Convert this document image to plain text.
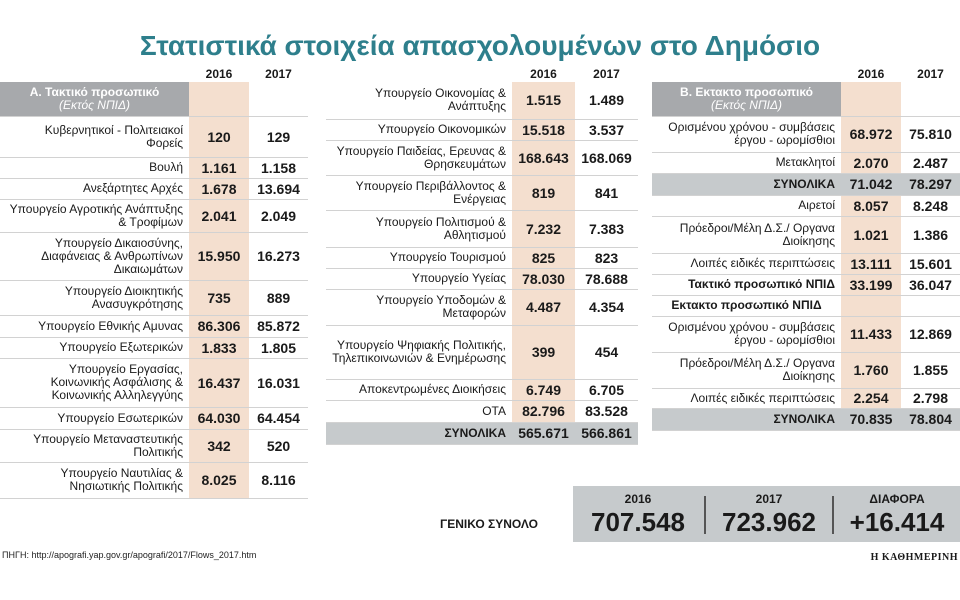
Στατιστικά στοιχεία απασχολουμένων στο Δημόσιο
	2016	2017

Α. Τακτικό προσωπικό
(Εκτός ΝΠΙΔ)		

Κυβερνητικοί - Πολιτειακοί Φορείς	120	129
Βουλή	1.161	1.158
Ανεξάρτητες Αρχές	1.678	13.694
Υπουργείο Αγροτικής Ανάπτυξης & Τροφίμων	2.041	2.049
Υπουργείο Δικαιοσύνης, Διαφάνειας & Ανθρωπίνων Δικαιωμάτων	15.950	16.273
Υπουργείο Διοικητικής Ανασυγκρότησης	735	889
Υπουργείο Εθνικής Αμυνας	86.306	85.872
Υπουργείο Εξωτερικών	1.833	1.805
Υπουργείο Εργασίας, Κοινωνικής Ασφάλισης & Κοινωνικής Αλληλεγγύης	16.437	16.031
Υπουργείο Εσωτερικών	64.030	64.454
Υπουργείο Μεταναστευτικής Πολιτικής	342	520
Υπουργείο Ναυτιλίας & Νησιωτικής Πολιτικής	8.025	8.116
	2016	2017
Υπουργείο Οικονομίας & Ανάπτυξης	1.515	1.489
Υπουργείο Οικονομικών	15.518	3.537
Υπουργείο Παιδείας, Ερευνας & Θρησκευμάτων	168.643	168.069
Υπουργείο Περιβάλλοντος & Ενέργειας	819	841
Υπουργείο Πολιτισμού & Αθλητισμού	7.232	7.383
Υπουργείο Τουρισμού	825	823
Υπουργείο Υγείας	78.030	78.688
Υπουργείο Υποδομών & Μεταφορών	4.487	4.354
Υπουργείο Ψηφιακής Πολιτικής, Τηλεπικοινωνιών & Ενημέρωσης	399	454
Αποκεντρωμένες Διοικήσεις	6.749	6.705
ΟΤΑ	82.796	83.528
ΣΥΝΟΛΙΚΑ	565.671	566.861
	2016	2017

Β. Εκτακτο προσωπικό
(Εκτός ΝΠΙΔ)		

Ορισμένου χρόνου - συμβάσεις έργου - ωρομίσθιοι	68.972	75.810
Μετακλητοί	2.070	2.487
ΣΥΝΟΛΙΚΑ	71.042	78.297
Αιρετοί	8.057	8.248
Πρόεδροι/Μέλη Δ.Σ./ Οργανα Διοίκησης	1.021	1.386
Λοιπές ειδικές περιπτώσεις	13.111	15.601
Τακτικό προσωπικό ΝΠΙΔ	33.199	36.047
Εκτακτο προσωπικό ΝΠΙΔ		
Ορισμένου χρόνου - συμβάσεις έργου - ωρομίσθιοι	11.433	12.869
Πρόεδροι/Μέλη Δ.Σ./ Οργανα Διοίκησης	1.760	1.855
Λοιπές ειδικές περιπτώσεις	2.254	2.798
ΣΥΝΟΛΙΚΑ	70.835	78.804
ΓΕΝΙΚΟ ΣΥΝΟΛΟ
2016
707.548
2017
723.962
ΔΙΑΦΟΡΑ
+16.414
ΠΗΓΗ: http://apografi.yap.gov.gr/apografi/2017/Flows_2017.htm	Η ΚΑΘΗΜΕΡΙΝΗ
